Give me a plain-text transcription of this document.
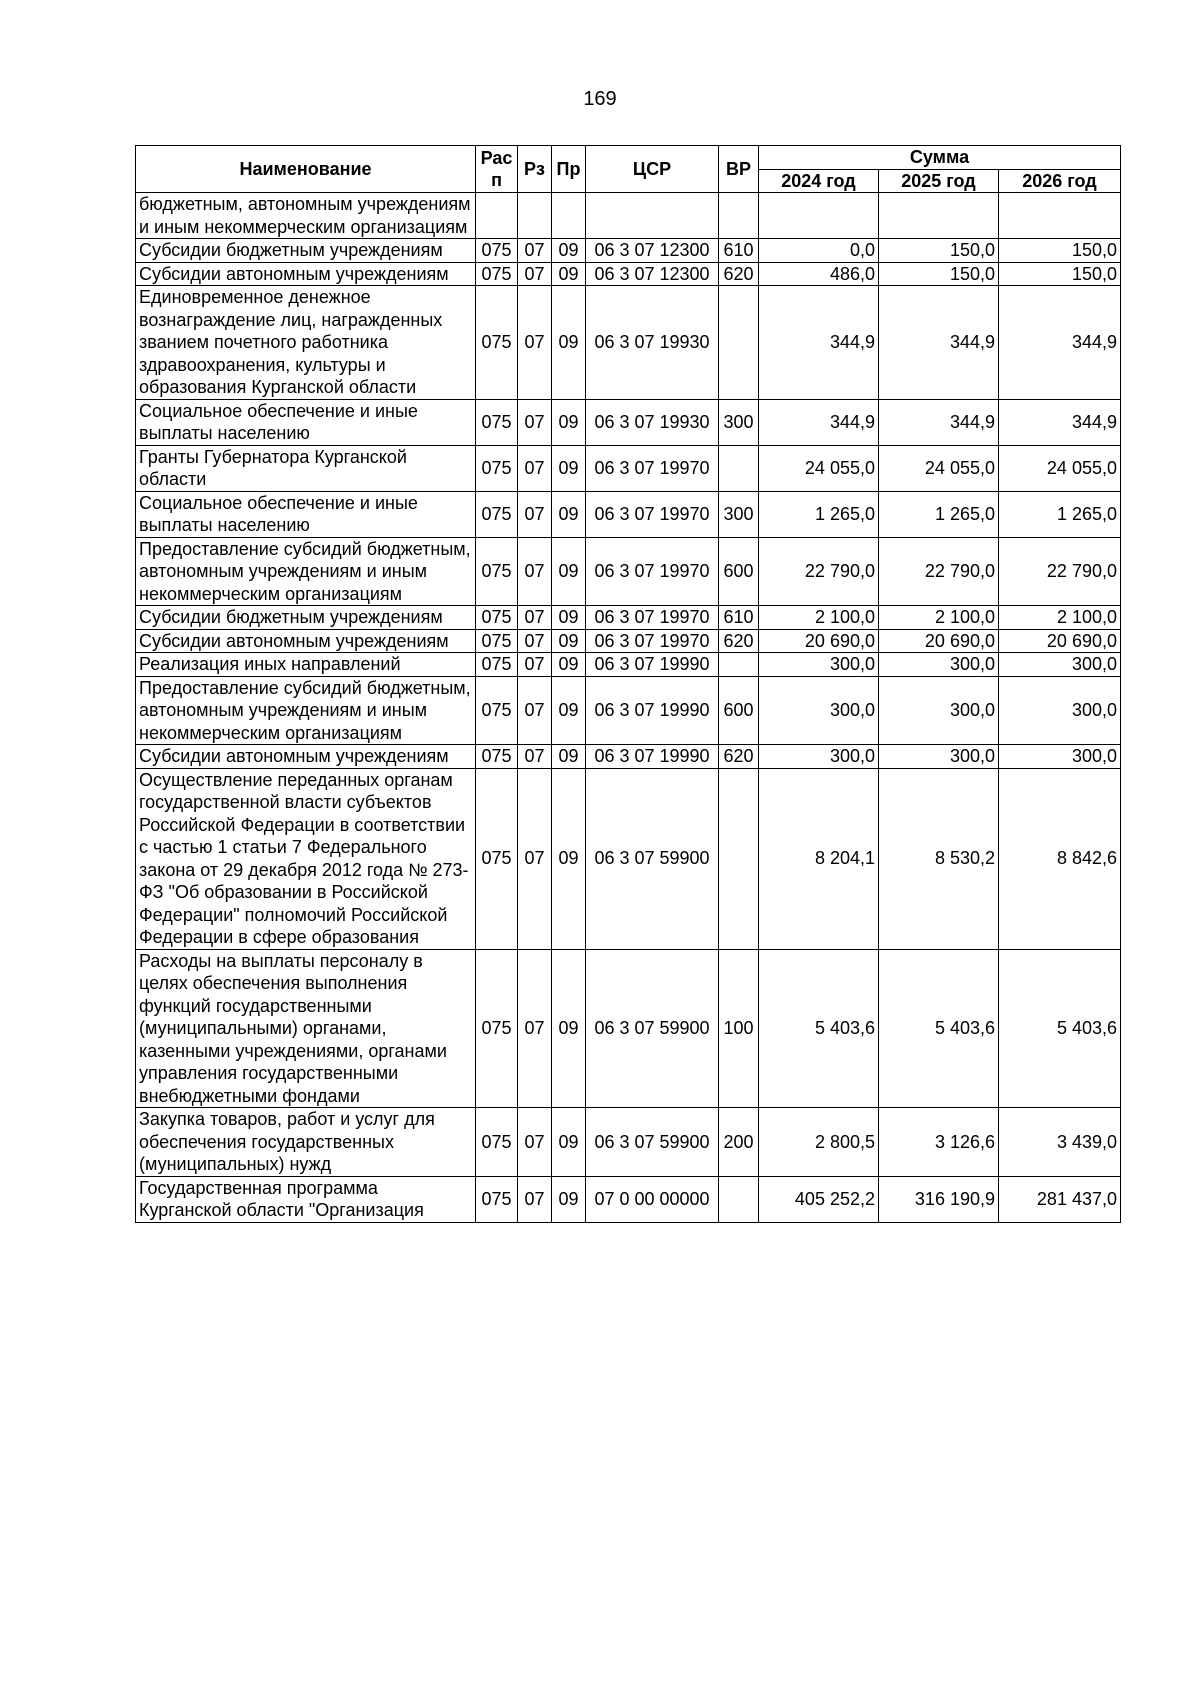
169
Наименование	Рас п	Рз	Пр	ЦСР	ВР	Сумма		
						2024 год	2025 год	2026 год
бюджетным, автономным учреждениям и иным некоммерческим организациям								
Субсидии бюджетным учреждениям	075	07	09	06 3 07 12300	610	0,0	150,0	150,0
Субсидии автономным учреждениям	075	07	09	06 3 07 12300	620	486,0	150,0	150,0
Единовременное денежное вознаграждение лиц, награжденных званием почетного работника здравоохранения, культуры и образования Курганской области	075	07	09	06 3 07 19930		344,9	344,9	344,9
Социальное обеспечение и иные выплаты населению	075	07	09	06 3 07 19930	300	344,9	344,9	344,9
Гранты Губернатора Курганской области	075	07	09	06 3 07 19970		24 055,0	24 055,0	24 055,0
Социальное обеспечение и иные выплаты населению	075	07	09	06 3 07 19970	300	1 265,0	1 265,0	1 265,0
Предоставление субсидий бюджетным, автономным учреждениям и иным некоммерческим организациям	075	07	09	06 3 07 19970	600	22 790,0	22 790,0	22 790,0
Субсидии бюджетным учреждениям	075	07	09	06 3 07 19970	610	2 100,0	2 100,0	2 100,0
Субсидии автономным учреждениям	075	07	09	06 3 07 19970	620	20 690,0	20 690,0	20 690,0
Реализация иных направлений	075	07	09	06 3 07 19990		300,0	300,0	300,0
Предоставление субсидий бюджетным, автономным учреждениям и иным некоммерческим организациям	075	07	09	06 3 07 19990	600	300,0	300,0	300,0
Субсидии автономным учреждениям	075	07	09	06 3 07 19990	620	300,0	300,0	300,0
Осуществление переданных органам государственной власти субъектов Российской Федерации в соответствии с частью 1 статьи 7 Федерального закона от 29 декабря 2012 года № 273-ФЗ "Об образовании в Российской Федерации" полномочий Российской Федерации в сфере образования	075	07	09	06 3 07 59900		8 204,1	8 530,2	8 842,6
Расходы на выплаты персоналу в целях обеспечения выполнения функций государственными (муниципальными) органами, казенными учреждениями, органами управления государственными внебюджетными фондами	075	07	09	06 3 07 59900	100	5 403,6	5 403,6	5 403,6
Закупка товаров, работ и услуг для обеспечения государственных (муниципальных) нужд	075	07	09	06 3 07 59900	200	2 800,5	3 126,6	3 439,0
Государственная программа Курганской области "Организация	075	07	09	07 0 00 00000		405 252,2	316 190,9	281 437,0
